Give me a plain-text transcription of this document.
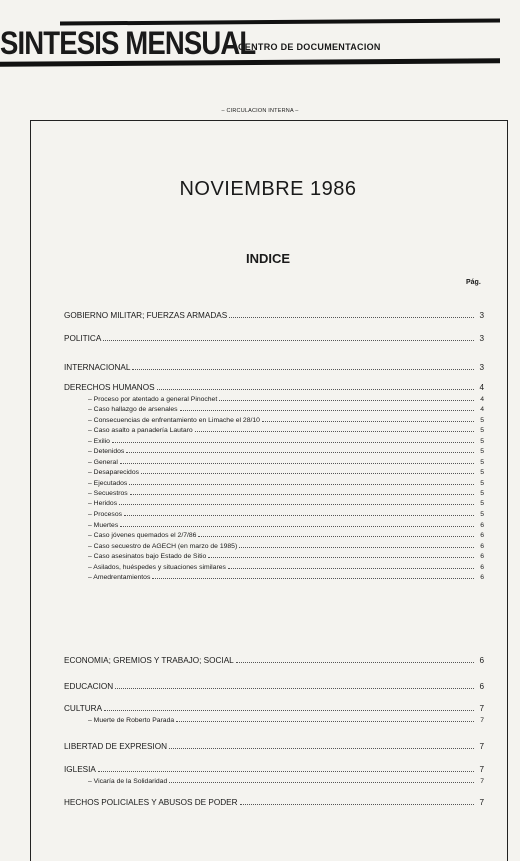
SINTESIS MENSUAL
CENTRO DE DOCUMENTACION
– CIRCULACION INTERNA –
NOVIEMBRE 1986
INDICE
Pág.
GOBIERNO MILITAR; FUERZAS ARMADAS	3
POLITICA	3
INTERNACIONAL	3
DERECHOS HUMANOS	4
– Proceso por atentado a general Pinochet	4
– Caso hallazgo de arsenales	4
– Consecuencias de enfrentamiento en Limache el 28/10	5
– Caso asalto a panadería Lautaro	5
– Exilio	5
– Detenidos	5
– General	5
– Desaparecidos	5
– Ejecutados	5
– Secuestros	5
– Heridos	5
– Procesos	5
– Muertes	6
– Caso jóvenes quemados el 2/7/86	6
– Caso secuestro de AGECH (en marzo de 1985)	6
– Caso asesinatos bajo Estado de Sitio	6
– Asilados, huéspedes y situaciones similares	6
– Amedrentamientos	6
ECONOMIA; GREMIOS Y TRABAJO; SOCIAL	6
EDUCACION	6
CULTURA	7
– Muerte de Roberto Parada	7
LIBERTAD DE EXPRESION	7
IGLESIA	7
– Vicaría de la Solidaridad	7
HECHOS POLICIALES Y ABUSOS DE PODER	7
